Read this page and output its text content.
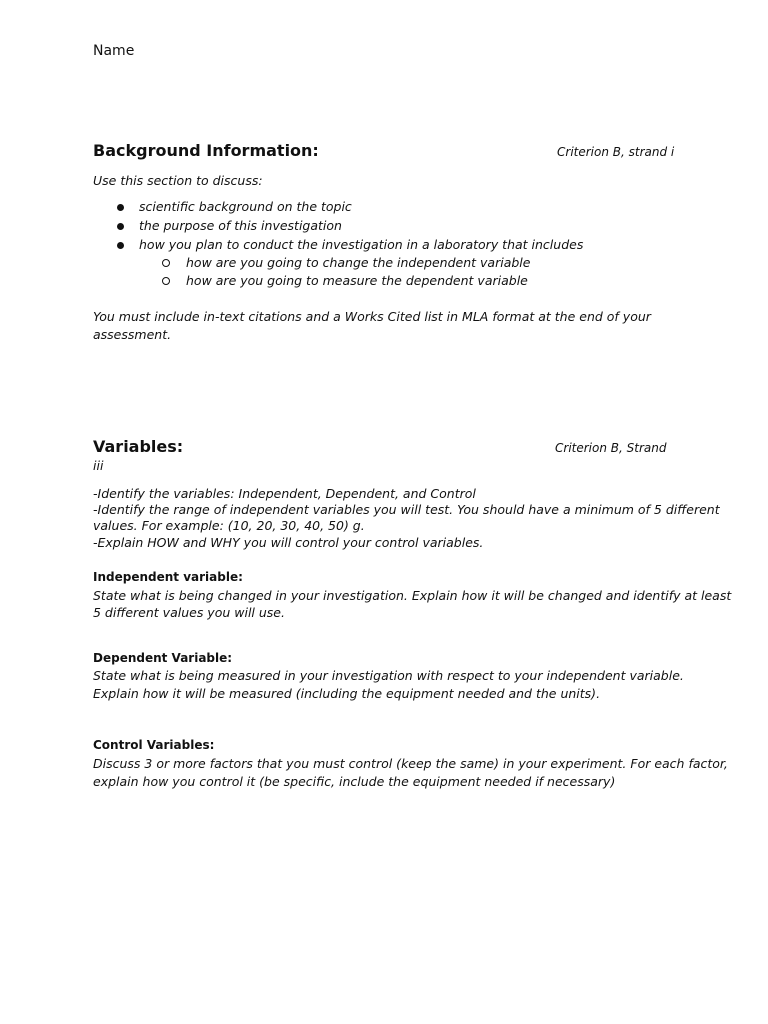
Name
Background Information:	Criterion B, strand i
Use this section to discuss:
scientific background on the topic
the purpose of this investigation
how you plan to conduct the investigation in a laboratory that includes
how are you going to change the independent variable
how are you going to measure the dependent variable
You must include in-text citations and a Works Cited list in MLA format at the end of your
assessment.
Variables:	Criterion B, Strand
iii
-Identify the variables: Independent, Dependent, and Control
-Identify the range of independent variables you will test. You should have a minimum of 5 different
values. For example: (10, 20, 30, 40, 50) g.
-Explain HOW and WHY you will control your control variables.
Independent variable:
State what is being changed in your investigation. Explain how it will be changed and identify at least
5 different values you will use.
Dependent Variable:
State what is being measured in your investigation with respect to your independent variable.
Explain how it will be measured (including the equipment needed and the units).
Control Variables:
Discuss 3 or more factors that you must control (keep the same) in your experiment. For each factor,
explain how you control it (be specific, include the equipment needed if necessary)
